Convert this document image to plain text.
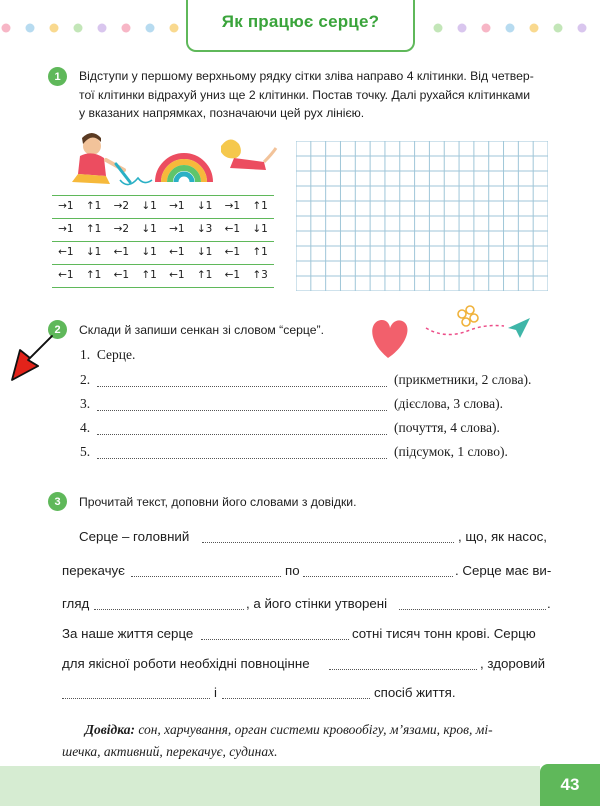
Як працює серце?
1	Відступи у першому верхньому рядку сітки зліва направо 4 клітинки. Від четвер-
тої клітинки відрахуй униз ще 2 клітинки. Постав точку. Далі рухайся клітинками
у вказаних напрямках, позначаючи цей рух лінією.
→1	↑1	→2	↓1	→1	↓1	→1	↑1
→1	↑1	→2	↓1	→1	↓3	←1	↓1
←1	↓1	←1	↓1	←1	↓1	←1	↑1
←1	↑1	←1	↑1	←1	↑1	←1	↑3
2	Склади й запиши сенкан зі словом “серце”.
1. Серце.
2.	(прикметники, 2 слова).
3.	(дієслова, 3 слова).
4.	(почуття, 4 слова).
5.	(підсумок, 1 слово).
3	Прочитай текст, доповни його словами з довідки.
Серце – головний	, що, як насос,
перекачує	по	. Серце має ви-
гляд	, а його стінки утворені	.
За наше життя серце	сотні тисяч тонн крові. Серцю
для якісної роботи необхідні повноцінне	, здоровий
і	спосіб життя.
Довідка: сон, харчування, орган системи кровообігу, м’язами, кров, мі-
шечка, активний, перекачує, судинах.
43
